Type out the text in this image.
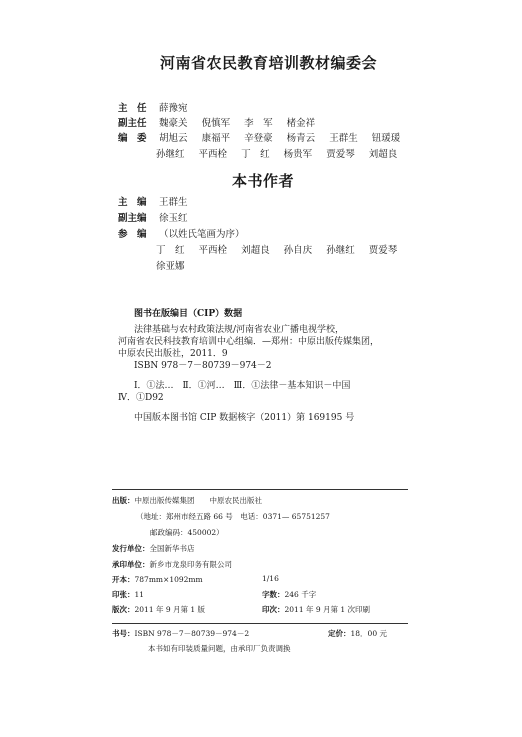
河南省农民教育培训教材编委会
主　任 薛豫宛
副主任 魏豪关 倪慎军 李　军 楮金祥
编　委 胡旭云 康福平 辛登豪 杨青云 王群生 钮瑗瑗
孙继红 平西栓 丁　红 杨贵军 贾爱琴 刘超良
本书作者
主　编 王群生
副主编 徐玉红
参　编 （以姓氏笔画为序）
丁　红 平西栓 刘超良 孙自庆 孙继红 贾爱琴
徐亚娜
图书在版编目（CIP）数据
法律基础与农村政策法规/河南省农业广播电视学校，
河南省农民科技教育培训中心组编．—郑州：中原出版传媒集团，
中原农民出版社，2011．9
ISBN 978－7－80739－974－2
Ⅰ．①法…　Ⅱ．①河…　Ⅲ．①法律－基本知识－中国
Ⅳ．①D92
中国版本图书馆 CIP 数据核字（2011）第 169195 号
出版：中原出版传媒集团　　中原农民出版社
（地址：郑州市经五路 66 号　电话：0371— 65751257
邮政编码：450002）
发行单位：全国新华书店
承印单位：新乡市龙泉印务有限公司
开本：787mm×1092mm	1/16
印张：11	字数：246 千字
版次：2011 年 9 月第 1 版	印次：2011 年 9 月第 1 次印刷
书号：ISBN 978－7－80739－974－2	定价：18．00 元
本书如有印装质量问题，由承印厂负责调换
